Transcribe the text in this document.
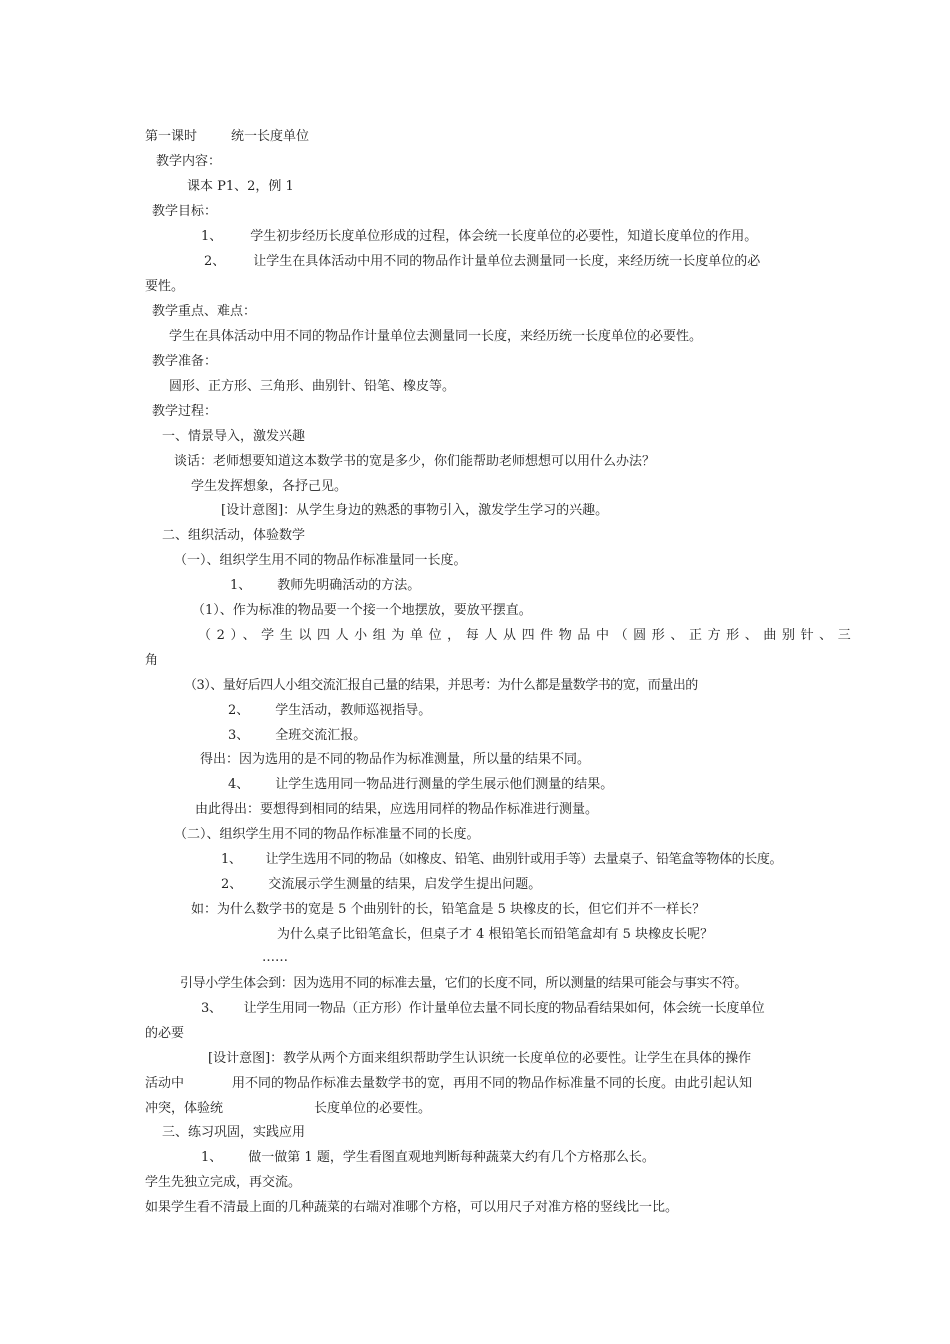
第一课时	统一长度单位
教学内容：
课本 P1、2，例 1
教学目标：
1、 学生初步经历长度单位形成的过程，体会统一长度单位的必要性，知道长度单位的作用。
2、 让学生在具体活动中用不同的物品作计量单位去测量同一长度，来经历统一长度单位的必
要性。
教学重点、难点：
学生在具体活动中用不同的物品作计量单位去测量同一长度，来经历统一长度单位的必要性。
教学准备：
圆形、正方形、三角形、曲别针、铅笔、橡皮等。
教学过程：
一、情景导入，激发兴趣
谈话：老师想要知道这本数学书的宽是多少，你们能帮助老师想想可以用什么办法？
学生发挥想象，各抒己见。
[设计意图]：从学生身边的熟悉的事物引入，激发学生学习的兴趣。
二、组织活动，体验数学
（一）、组织学生用不同的物品作标准量同一长度。
1、 教师先明确活动的方法。
（1）、作为标准的物品要一个接一个地摆放，要放平摆直。
（2）、学生以四人小组为单位，每人从四件物品中（圆形、正方形、曲别针、三
角
（3）、量好后四人小组交流汇报自己量的结果，并思考：为什么都是量数学书的宽，而量出的
2、 学生活动，教师巡视指导。
3、 全班交流汇报。
得出：因为选用的是不同的物品作为标准测量，所以量的结果不同。
4、 让学生选用同一物品进行测量的学生展示他们测量的结果。
由此得出：要想得到相同的结果，应选用同样的物品作标准进行测量。
（二）、组织学生用不同的物品作标准量不同的长度。
1、 让学生选用不同的物品（如橡皮、铅笔、曲别针或用手等）去量桌子、铅笔盒等物体的长度。
2、 交流展示学生测量的结果，启发学生提出问题。
如：为什么数学书的宽是 5 个曲别针的长，铅笔盒是 5 块橡皮的长，但它们并不一样长？
为什么桌子比铅笔盒长，但桌子才 4 根铅笔长而铅笔盒却有 5 块橡皮长呢？
……
引导小学生体会到：因为选用不同的标准去量，它们的长度不同，所以测量的结果可能会与事实不符。
3、 让学生用同一物品（正方形）作计量单位去量不同长度的物品看结果如何，体会统一长度单位
的必要
[设计意图]：教学从两个方面来组织帮助学生认识统一长度单位的必要性。让学生在具体的操作
活动中	用不同的物品作标准去量数学书的宽，再用不同的物品作标准量不同的长度。由此引起认知
冲突，体验统	长度单位的必要性。
三、练习巩固，实践应用
1、 做一做第 1 题，学生看图直观地判断每种蔬菜大约有几个方格那么长。
学生先独立完成，再交流。
如果学生看不清最上面的几种蔬菜的右端对准哪个方格，可以用尺子对准方格的竖线比一比。
